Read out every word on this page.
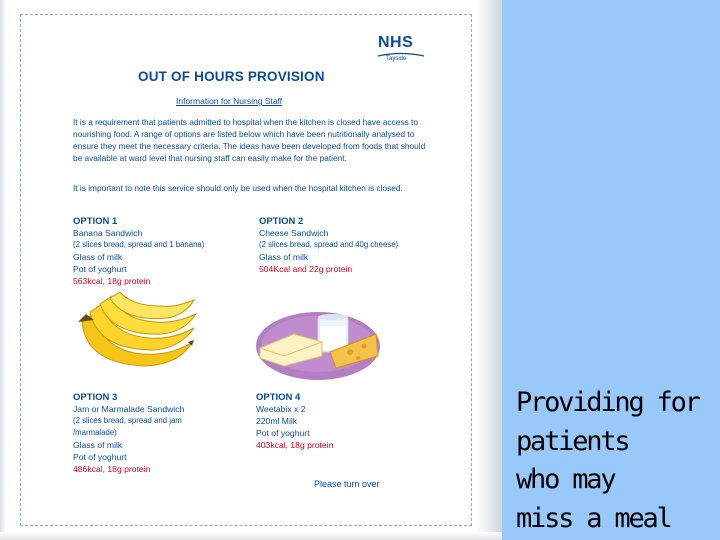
NHS
Tayside
OUT OF HOURS PROVISION

Information for Nursing Staff

It is a requirement that patients admitted to hospital when the kitchen is closed have access to nourishing food. A range of options are listed below which have been nutritionally analysed to ensure they meet the necessary criteria. The ideas have been developed from foods that should be available at ward level that nursing staff can easily make for the patient.

It is important to note this service should only be used when the hospital kitchen is closed.

OPTION 1
Banana Sandwich
(2 slices bread, spread and 1 banana)
Glass of milk
Pot of yoghurt
563kcal, 18g protein
OPTION 2
Cheese Sandwich
(2 slices bread, spread and 40g cheese)
Glass of milk
504Kcal and 22g protein
OPTION 3
Jam or Marmalade Sandwich
(2 slices bread, spread and jam
/marmalade)
Glass of milk
Pot of yoghurt
486kcal, 18g protein
OPTION 4
Weetabix x 2
220ml Milk
Pot of yoghurt
403kcal, 18g protein

Please turn over

Providing for
patients
who may
miss a meal
